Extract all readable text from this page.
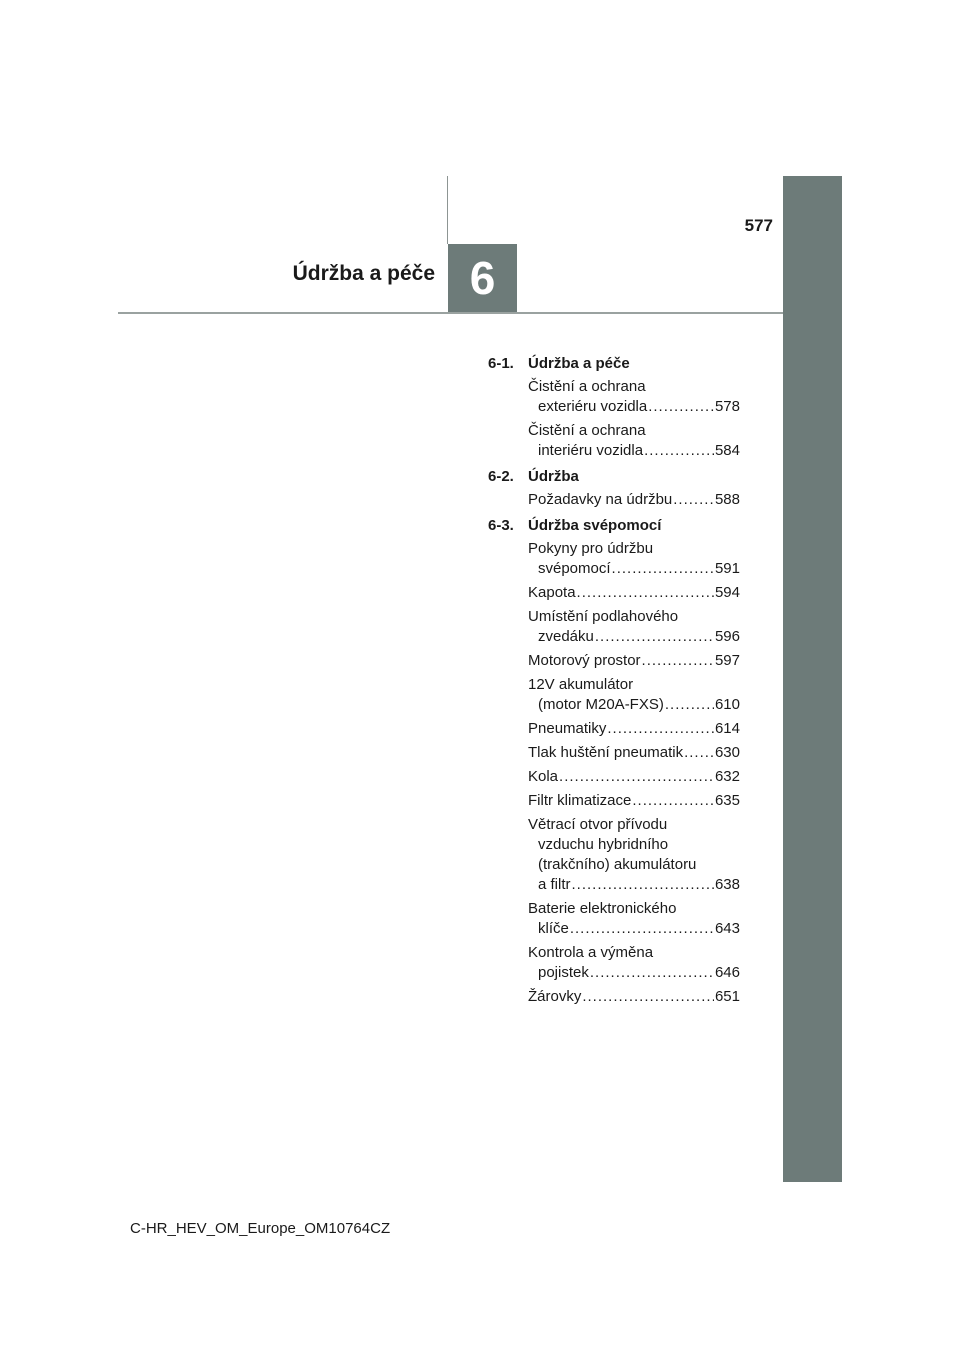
Údržba a péče 6
577
6-1. Údržba a péče
Čistění a ochrana
exteriéru vozidla .....	578
Čistění a ochrana
interiéru vozidla .....	584
6-2. Údržba
Požadavky na údržbu .....	588
6-3. Údržba svépomocí
Pokyny pro údržbu
svépomocí .....	591
Kapota .....	594
Umístění podlahového
zvedáku .....	596
Motorový prostor .....	597
12V akumulátor
(motor M20A-FXS) .....	610
Pneumatiky .....	614
Tlak huštění pneumatik ..... 630
Kola .....	632
Filtr klimatizace .....	635
Větrací otvor přívodu
vzduchu hybridního
(trakčního) akumulátoru
a filtr .....	638
Baterie elektronického
klíče .....	643
Kontrola a výměna
pojistek .....	646
Žárovky .....	651
C-HR_HEV_OM_Europe_OM10764CZ
